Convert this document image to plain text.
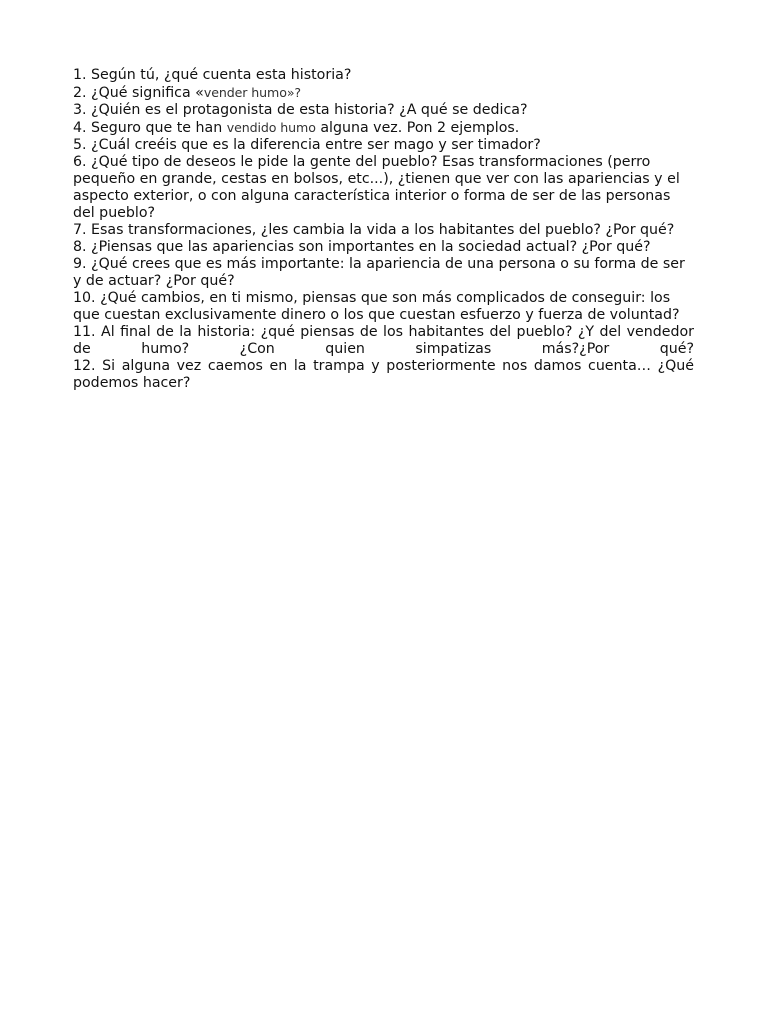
1. Según tú, ¿qué cuenta esta historia?

2. ¿Qué significa «vender humo»?

3. ¿Quién es el protagonista de esta historia? ¿A qué se dedica?

4. Seguro que te han vendido humo alguna vez. Pon 2 ejemplos.

5. ¿Cuál creéis que es la diferencia entre ser mago y ser timador?

6. ¿Qué tipo de deseos le pide la gente del pueblo? Esas transformaciones (perro pequeño en grande, cestas en bolsos, etc...), ¿tienen que ver con las apariencias y el aspecto exterior, o con alguna característica interior o forma de ser de las personas del pueblo?

7. Esas transformaciones, ¿les cambia la vida a los habitantes del pueblo? ¿Por qué?

8. ¿Piensas que las apariencias son importantes en la sociedad actual? ¿Por qué?

9. ¿Qué crees que es más importante: la apariencia de una persona o su forma de ser y de actuar? ¿Por qué?

10. ¿Qué cambios, en ti mismo, piensas que son más complicados de conseguir: los que cuestan exclusivamente dinero o los que cuestan esfuerzo y fuerza de voluntad?

11. Al final de la historia: ¿qué piensas de los habitantes del pueblo? ¿Y del vendedor de humo? ¿Con quien simpatizas más?¿Por qué?

12. Si alguna vez caemos en la trampa y posteriormente nos damos cuenta… ¿Qué podemos hacer?
